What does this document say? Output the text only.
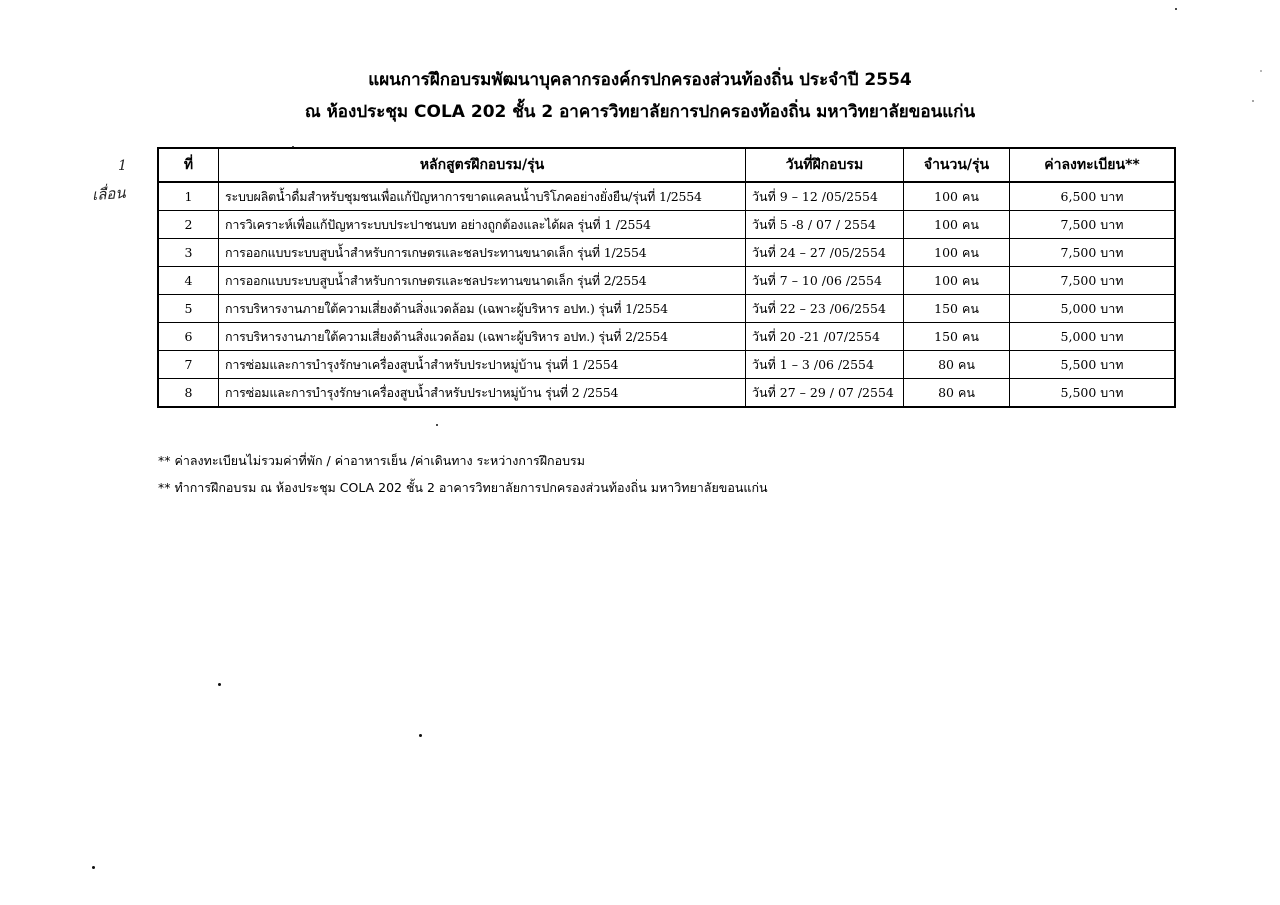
แผนการฝึกอบรมพัฒนาบุคลากรองค์กรปกครองส่วนท้องถิ่น ประจำปี 2554
ณ ห้องประชุม COLA 202 ชั้น 2 อาคารวิทยาลัยการปกครองท้องถิ่น มหาวิทยาลัยขอนแก่น
1
เลื่อน
ที่	หลักสูตรฝึกอบรม/รุ่น	วันที่ฝึกอบรม	จำนวน/รุ่น	ค่าลงทะเบียน**
1	ระบบผลิตน้ำดื่มสำหรับชุมชนเพื่อแก้ปัญหาการขาดแคลนน้ำบริโภคอย่างยั่งยืน/รุ่นที่ 1/2554	วันที่ 9 – 12 /05/2554	100 คน	6,500 บาท
2	การวิเคราะห์เพื่อแก้ปัญหาระบบประปาชนบท อย่างถูกต้องและได้ผล รุ่นที่ 1 /2554	วันที่ 5 -8 / 07 / 2554	100 คน	7,500 บาท
3	การออกแบบระบบสูบน้ำสำหรับการเกษตรและชลประทานขนาดเล็ก รุ่นที่ 1/2554	วันที่ 24 – 27 /05/2554	100 คน	7,500 บาท
4	การออกแบบระบบสูบน้ำสำหรับการเกษตรและชลประทานขนาดเล็ก รุ่นที่ 2/2554	วันที่ 7 – 10 /06 /2554	100 คน	7,500 บาท
5	การบริหารงานภายใต้ความเสี่ยงด้านสิ่งแวดล้อม (เฉพาะผู้บริหาร อปท.) รุ่นที่ 1/2554	วันที่ 22 – 23 /06/2554	150 คน	5,000 บาท
6	การบริหารงานภายใต้ความเสี่ยงด้านสิ่งแวดล้อม (เฉพาะผู้บริหาร อปท.) รุ่นที่ 2/2554	วันที่ 20 -21 /07/2554	150 คน	5,000 บาท
7	การซ่อมและการบำรุงรักษาเครื่องสูบน้ำสำหรับประปาหมู่บ้าน รุ่นที่ 1 /2554	วันที่ 1 – 3 /06 /2554	80 คน	5,500 บาท
8	การซ่อมและการบำรุงรักษาเครื่องสูบน้ำสำหรับประปาหมู่บ้าน รุ่นที่ 2 /2554	วันที่ 27 – 29 / 07 /2554	80 คน	5,500 บาท
** ค่าลงทะเบียนไม่รวมค่าที่พัก / ค่าอาหารเย็น /ค่าเดินทาง ระหว่างการฝึกอบรม
** ทำการฝึกอบรม ณ ห้องประชุม COLA 202 ชั้น 2 อาคารวิทยาลัยการปกครองส่วนท้องถิ่น มหาวิทยาลัยขอนแก่น
